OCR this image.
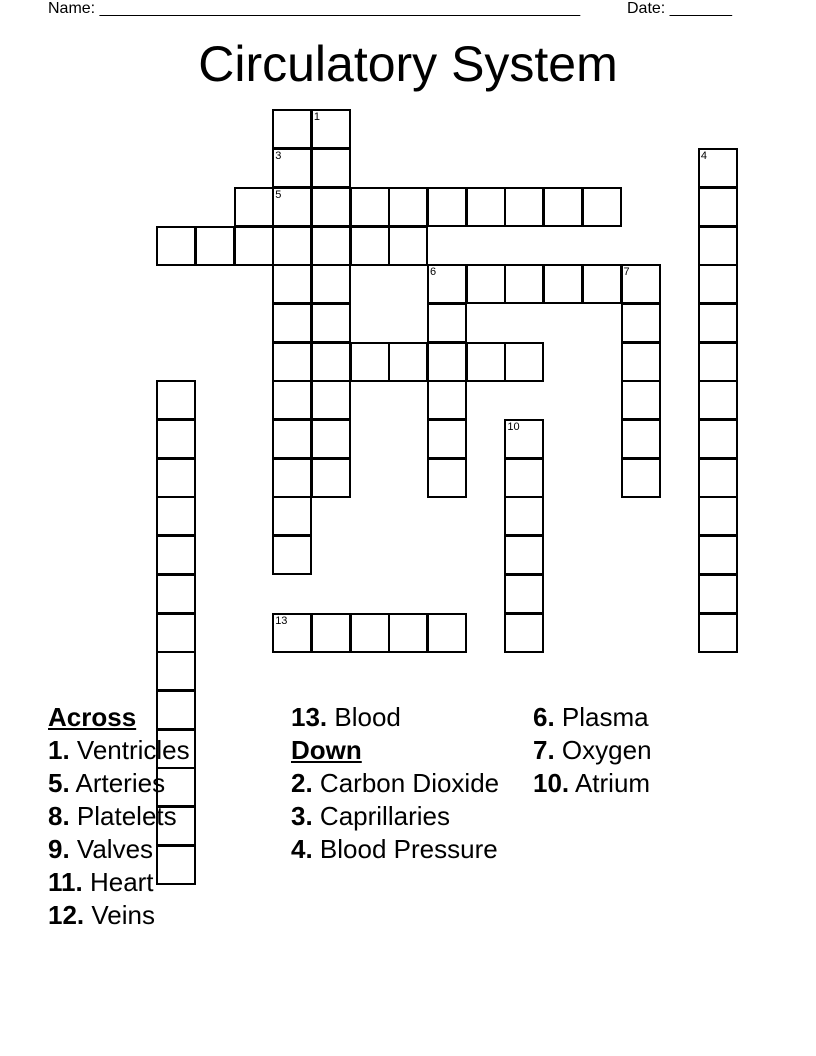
Name: ______________________________________________________	Date: _______
Circulatory System
1
3
5
7
4
6
10
13
Across
1. Ventricles
5. Arteries
8. Platelets
9. Valves
11. Heart
12. Veins
13. Blood
Down
2. Carbon Dioxide
3. Caprillaries
4. Blood Pressure
6. Plasma
7. Oxygen
10. Atrium
